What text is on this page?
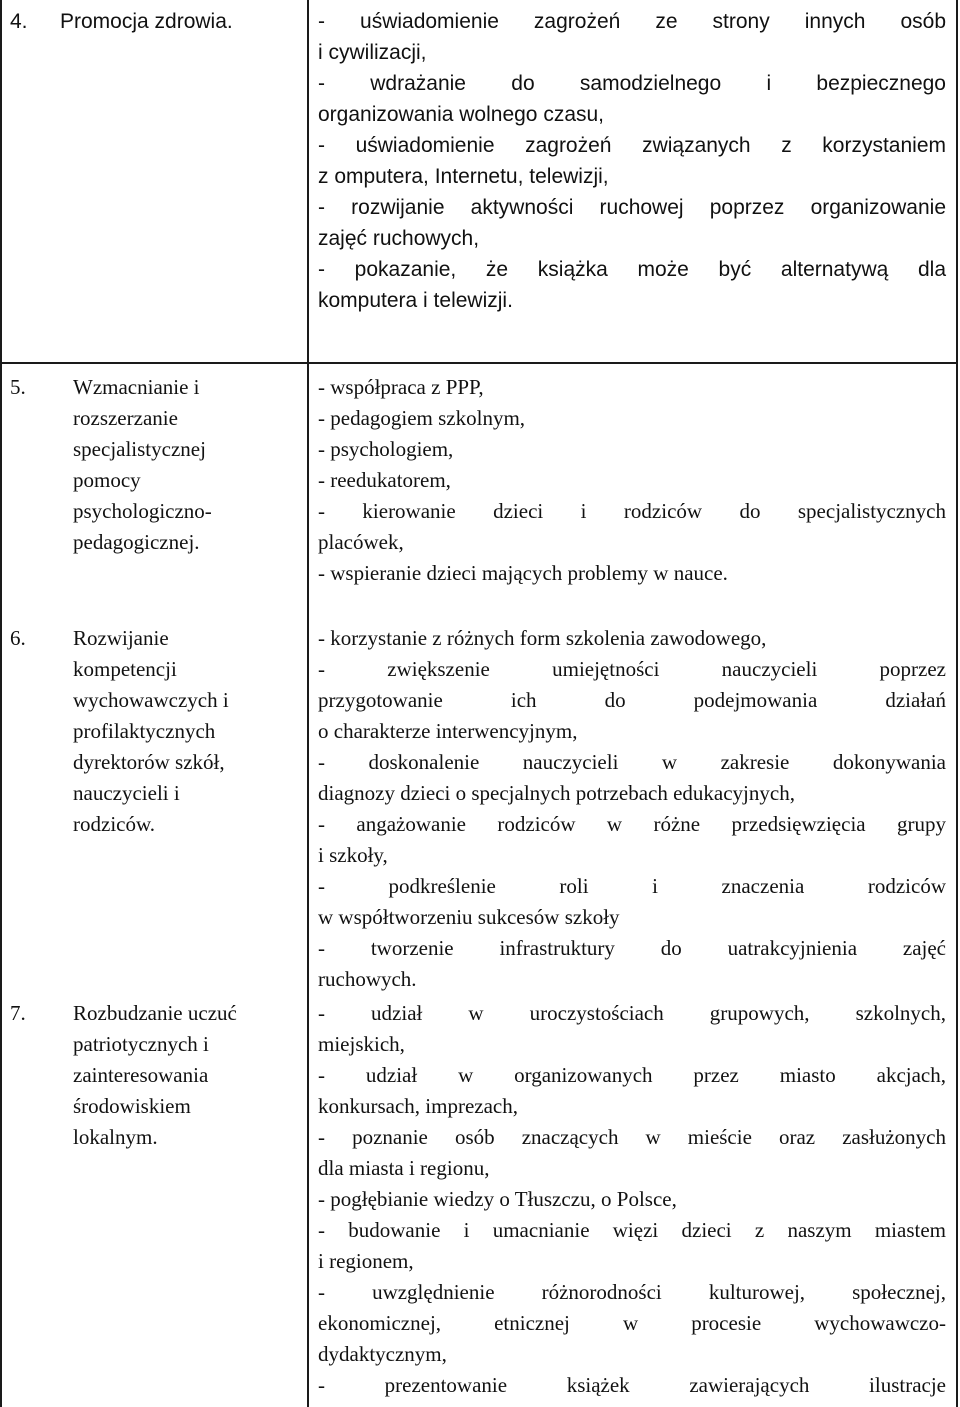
4. Promocja zdrowia.	- uświadomienie zagrożeń ze strony innych osób
i cywilizacji,
- wdrażanie do samodzielnego i bezpiecznego
organizowania wolnego czasu,
- uświadomienie zagrożeń związanych z korzystaniem
z omputera, Internetu, telewizji,
- rozwijanie aktywności ruchowej poprzez organizowanie
zajęć ruchowych,
- pokazanie, że książka może być alternatywą dla
komputera i telewizji.
5. Wzmacnianie i
rozszerzanie
specjalistycznej
pomocy
psychologiczno-
pedagogicznej.
- współpraca z PPP,
- pedagogiem szkolnym,
- psychologiem,
- reedukatorem,
- kierowanie dzieci i rodziców do specjalistycznych
placówek,
- wspieranie dzieci mających problemy w nauce.
6. Rozwijanie
kompetencji
wychowawczych i
profilaktycznych
dyrektorów szkół,
nauczycieli i
rodziców.
- korzystanie z różnych form szkolenia zawodowego,
- zwiększenie umiejętności nauczycieli poprzez
przygotowanie ich do podejmowania działań
o charakterze interwencyjnym,
- doskonalenie nauczycieli w zakresie dokonywania
diagnozy dzieci o specjalnych potrzebach edukacyjnych,
- angażowanie rodziców w różne przedsięwzięcia grupy
i szkoły,
- podkreślenie roli i znaczenia rodziców
w współtworzeniu sukcesów szkoły
- tworzenie infrastruktury do uatrakcyjnienia zajęć
ruchowych.
7. Rozbudzanie uczuć
patriotycznych i
zainteresowania
środowiskiem
lokalnym.
- udział w uroczystościach grupowych, szkolnych,
miejskich,
- udział w organizowanych przez miasto akcjach,
konkursach, imprezach,
- poznanie osób znaczących w mieście oraz zasłużonych
dla miasta i regionu,
- pogłębianie wiedzy o Tłuszczu, o Polsce,
- budowanie i umacnianie więzi dzieci z naszym miastem
i regionem,
- uwzględnienie różnorodności kulturowej, społecznej,
ekonomicznej, etnicznej w procesie wychowawczo-
dydaktycznym,
- prezentowanie książek zawierających ilustracje
